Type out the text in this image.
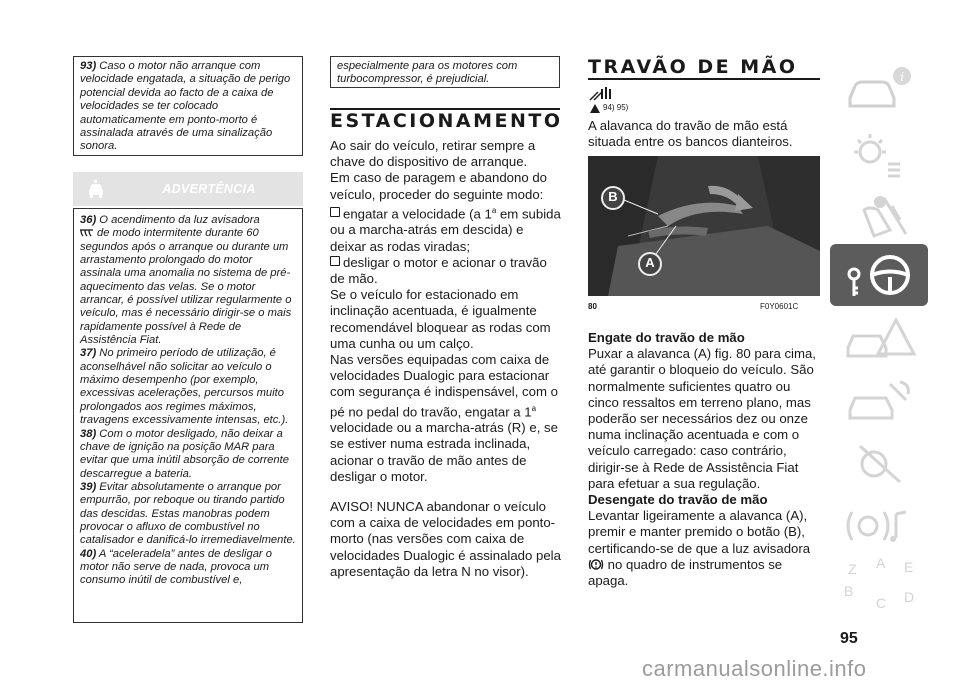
93) Caso o motor não arranque com velocidade engatada, a situação de perigo potencial devida ao facto de a caixa de velocidades se ter colocado automaticamente em ponto-morto é assinalada através de uma sinalização sonora.
ADVERTÊNCIA

36) O acendimento da luz avisadora

de modo intermitente durante 60 segundos após o arranque ou durante um arrastamento prolongado do motor assinala uma anomalia no sistema de pré-aquecimento das velas. Se o motor arrancar, é possível utilizar regularmente o veículo, mas é necessário dirigir-se o mais rapidamente possível à Rede de Assistência Fiat.

37) No primeiro período de utilização, é aconselhável não solicitar ao veículo o máximo desempenho (por exemplo, excessivas acelerações, percursos muito prolongados aos regimes máximos, travagens excessivamente intensas, etc.).

38) Com o motor desligado, não deixar a chave de ignição na posição MAR para evitar que uma inútil absorção de corrente descarregue a bateria.

39) Evitar absolutamente o arranque por empurrão, por reboque ou tirando partido das descidas. Estas manobras podem provocar o afluxo de combustível no catalisador e danificá-lo irremediavelmente.

40) A “aceleradela” antes de desligar o motor não serve de nada, provoca um consumo inútil de combustível e,

especialmente para os motores com turbocompressor, é prejudicial.
ESTACIONAMENTO

Ao sair do veículo, retirar sempre a chave do dispositivo de arranque.

Em caso de paragem e abandono do veículo, proceder do seguinte modo:

engatar a velocidade (a 1$^a$ em subida ou a marcha-atrás em descida) e deixar as rodas viradas;

desligar o motor e acionar o travão de mão.

Se o veículo for estacionado em inclinação acentuada, é igualmente recomendável bloquear as rodas com uma cunha ou um calço.

Nas versões equipadas com caixa de velocidades Dualogic para estacionar com segurança é indispensável, com o pé no pedal do travão, engatar a 1$^a$ velocidade ou a marcha-atrás (R) e, se se estiver numa estrada inclinada, acionar o travão de mão antes de desligar o motor.

AVISO! NUNCA abandonar o veículo com a caixa de velocidades em ponto-morto (nas versões com caixa de velocidades Dualogic é assinalado pela apresentação da letra N no visor).

TRAVÃO DE MÃO
94) 95)
A alavanca do travão de mão está situada entre os bancos dianteiros.
B
A
80	F0Y0601C

Engate do travão de mão

Puxar a alavanca (A) fig. 80 para cima, até garantir o bloqueio do veículo. São normalmente suficientes quatro ou cinco ressaltos em terreno plano, mas poderão ser necessários dez ou onze numa inclinação acentuada e com o veículo carregado: caso contrário, dirigir-se à Rede de Assistência Fiat para efetuar a sua regulação.

Desengate do travão de mão

Levantar ligeiramente a alavanca (A), premir e manter premido o botão (B), certificando-se de que a luz avisadora  no quadro de instrumentos se apaga.

i
Z A E
B
C D
95
carmanualsonline.info
